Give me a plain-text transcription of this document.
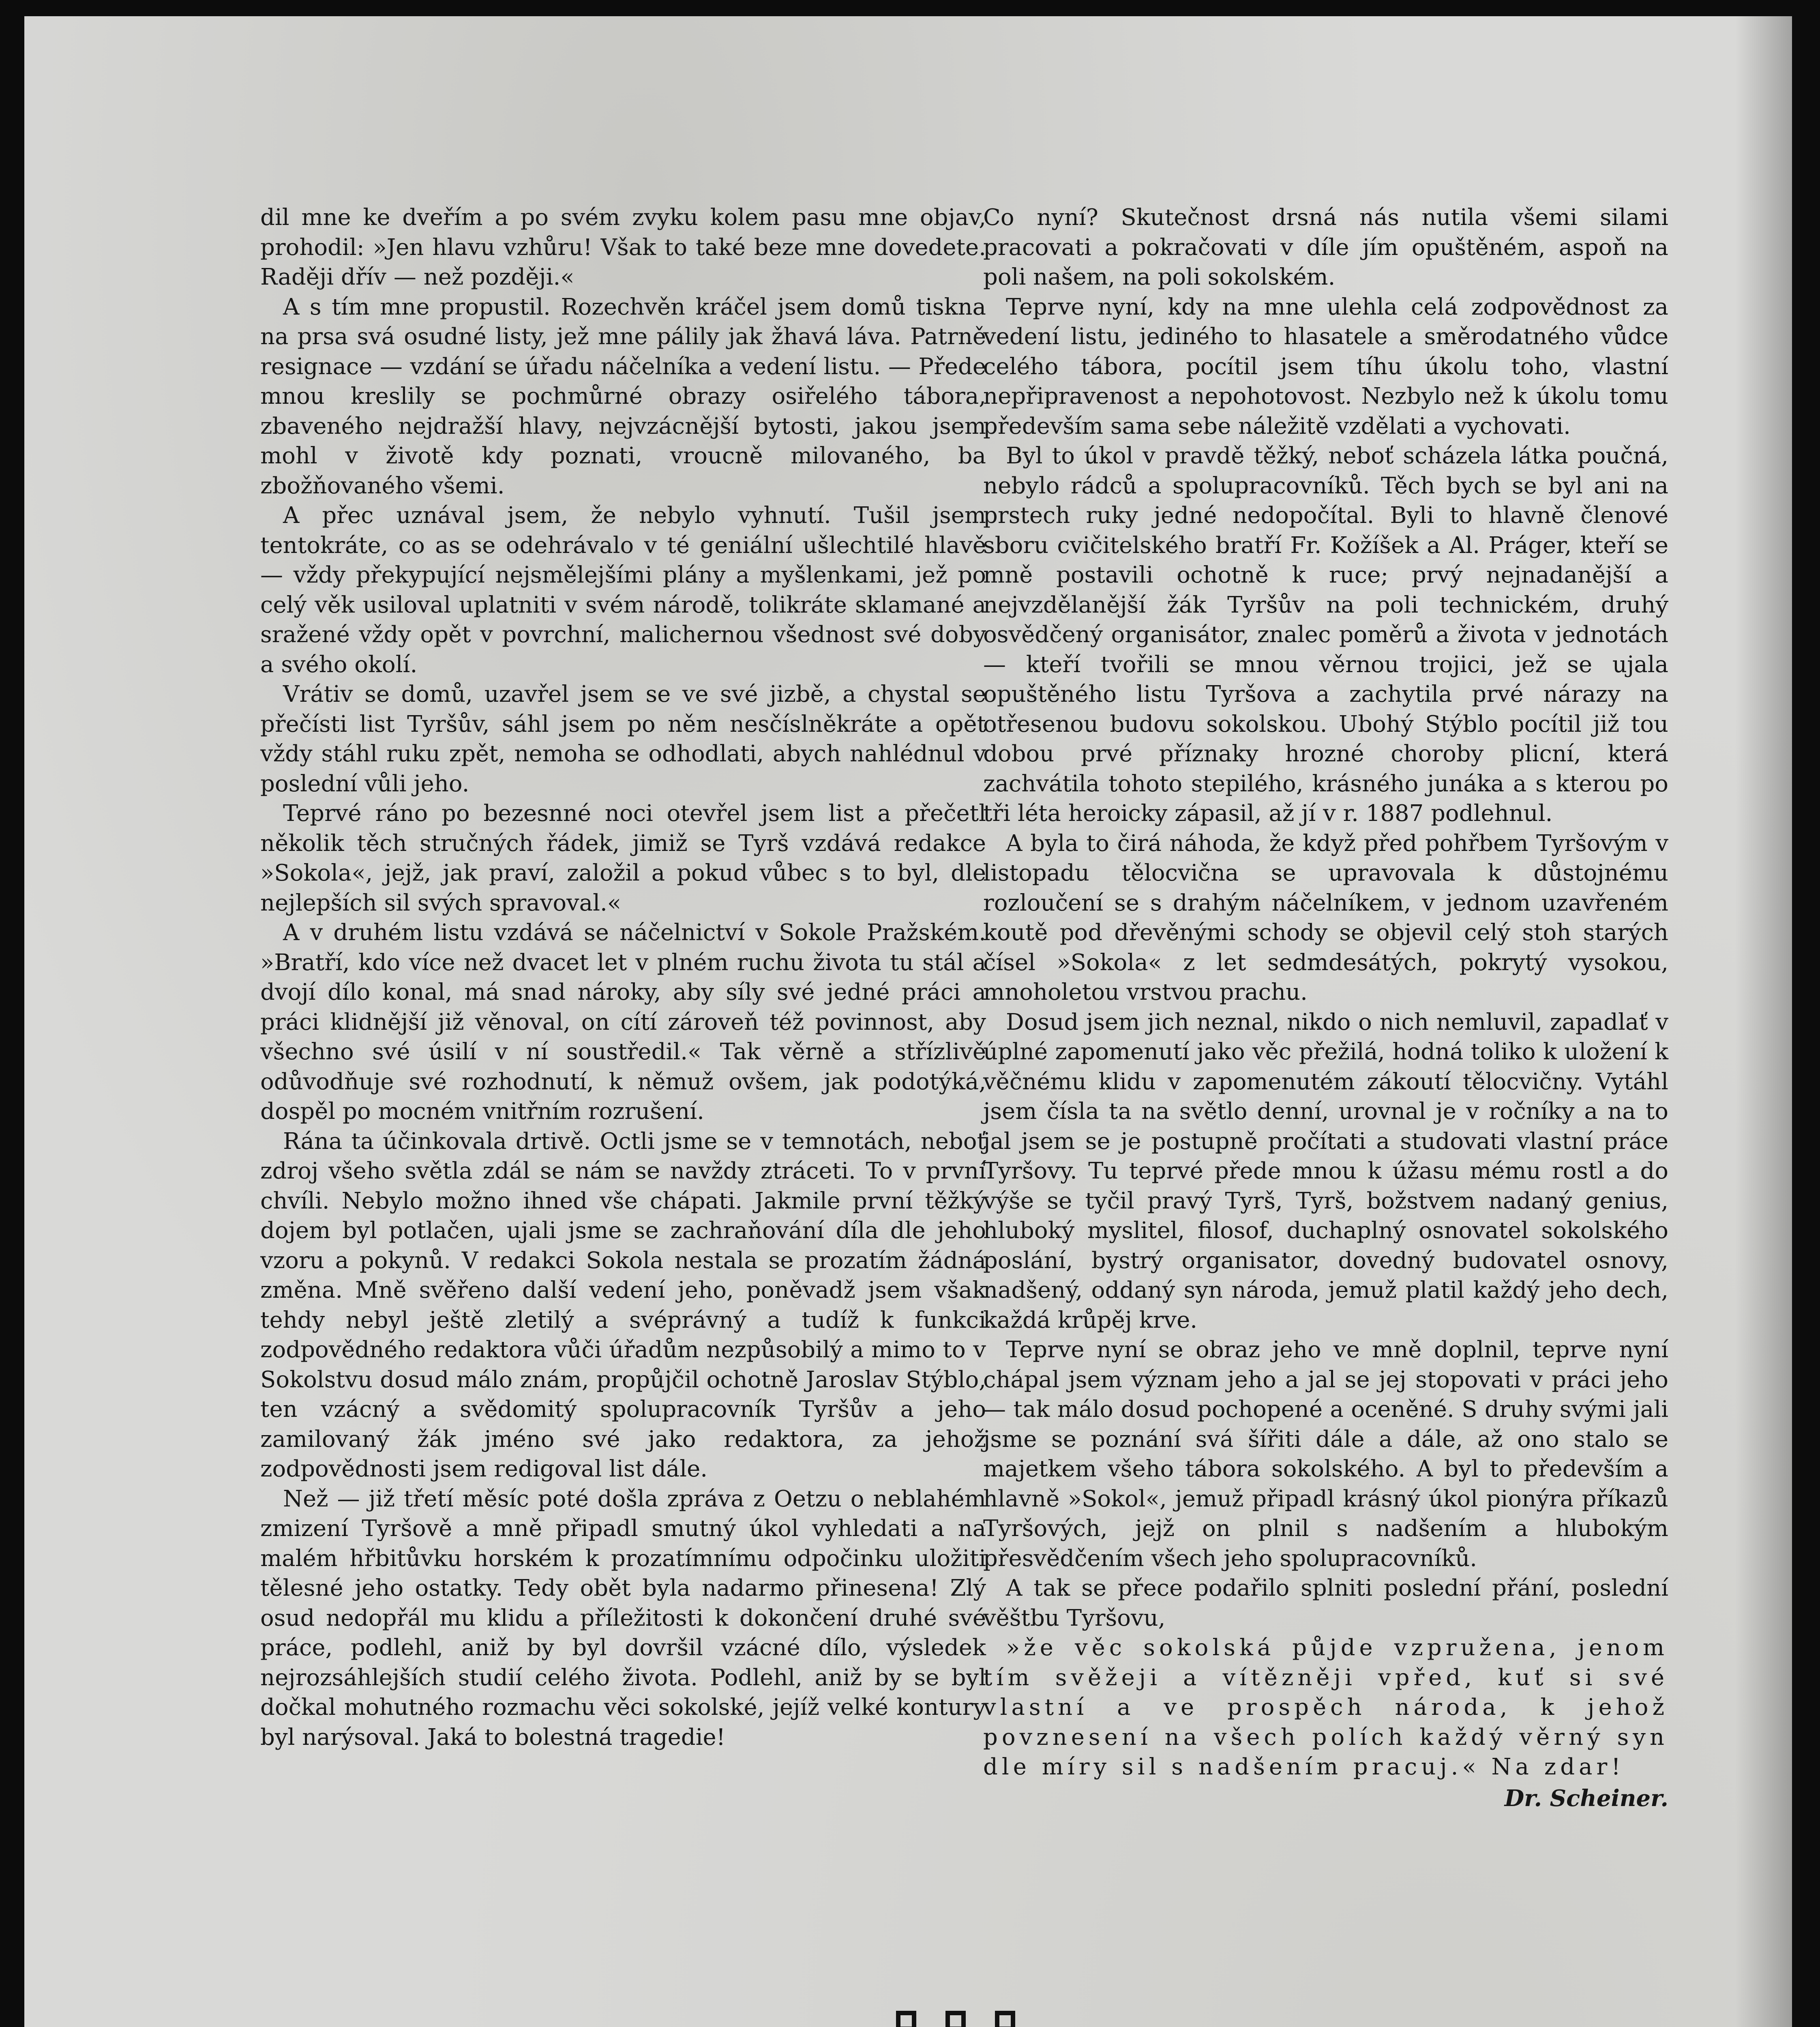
dil mne ke dveřím a po svém zvyku kolem pasu mne objav, prohodil: »Jen hlavu vzhůru! Však to také beze mne dovedete. Raději dřív — než později.«

A s tím mne propustil. Rozechvěn kráčel jsem domů tiskna na prsa svá osudné listy, jež mne pálily jak žhavá láva. Patrně resignace — vzdání se úřadu náčelníka a vedení listu. — Přede mnou kreslily se pochmůrné obrazy osiřelého tábora, zbaveného nejdražší hlavy, nejvzácnější bytosti, jakou jsem mohl v životě kdy poznati, vroucně milovaného, ba zbožňovaného všemi.

A přec uznával jsem, že nebylo vyhnutí. Tušil jsem tentokráte, co as se odehrávalo v té geniální ušlechtilé hlavě — vždy překypující nejsmělejšími plány a myšlenkami, jež po celý věk usiloval uplatniti v svém národě, tolikráte sklamané a sražené vždy opět v povrchní, malichernou všednost své doby a svého okolí.

Vrátiv se domů, uzavřel jsem se ve své jizbě, a chystal se přečísti list Tyršův, sáhl jsem po něm nesčíslněkráte a opět vždy stáhl ruku zpět, nemoha se odhodlati, abych nahlédnul v poslední vůli jeho.

Teprvé ráno po bezesnné noci otevřel jsem list a přečetl několik těch stručných řádek, jimiž se Tyrš vzdává redakce »Sokola«, jejž, jak praví, založil a pokud vůbec s to byl, dle nejlepších sil svých spravoval.«

A v druhém listu vzdává se náčelnictví v Sokole Pražském. »Bratří, kdo více než dvacet let v plném ruchu života tu stál a dvojí dílo konal, má snad nároky, aby síly své jedné práci a práci klidnější již věnoval, on cítí zároveň též povinnost, aby všechno své úsilí v ní soustředil.« Tak věrně a střízlivě odůvodňuje své rozhodnutí, k němuž ovšem, jak podotýká, dospěl po mocném vnitřním rozrušení.

Rána ta účinkovala drtivě. Octli jsme se v temnotách, neboť zdroj všeho světla zdál se nám se navždy ztráceti. To v první chvíli. Nebylo možno ihned vše chápati. Jakmile první těžký dojem byl potlačen, ujali jsme se zachraňování díla dle jeho vzoru a pokynů. V redakci Sokola nestala se prozatím žádná změna. Mně svěřeno další vedení jeho, poněvadž jsem však tehdy nebyl ještě zletilý a svéprávný a tudíž k funkci zodpovědného redaktora vůči úřadům nezpůsobilý a mimo to v Sokolstvu dosud málo znám, propůjčil ochotně Jaroslav Stýblo, ten vzácný a svědomitý spolupracovník Tyršův a jeho zamilovaný žák jméno své jako redaktora, za jehož zodpovědnosti jsem redigoval list dále.

Než — již třetí měsíc poté došla zpráva z Oetzu o neblahém zmizení Tyršově a mně připadl smutný úkol vyhledati a na malém hřbitůvku horském k prozatímnímu odpočinku uložiti tělesné jeho ostatky. Tedy obět byla nadarmo přinesena! Zlý osud nedopřál mu klidu a příležitosti k dokončení druhé své práce, podlehl, aniž by byl dovršil vzácné dílo, výsledek nejrozsáhlejších studií celého života. Podlehl, aniž by se byl dočkal mohutného rozmachu věci sokolské, jejíž velké kontury byl narýsoval. Jaká to bolestná tragedie!

Co nyní? Skutečnost drsná nás nutila všemi silami pracovati a pokračovati v díle jím opuštěném, aspoň na poli našem, na poli sokolském.

Teprve nyní, kdy na mne ulehla celá zodpovědnost za vedení listu, jediného to hlasatele a směrodatného vůdce celého tábora, pocítil jsem tíhu úkolu toho, vlastní nepřipravenost a nepohotovost. Nezbylo než k úkolu tomu především sama sebe náležitě vzdělati a vychovati.

Byl to úkol v pravdě těžký, neboť scházela látka poučná, nebylo rádců a spolupracovníků. Těch bych se byl ani na prstech ruky jedné nedopočítal. Byli to hlavně členové sboru cvičitelského bratří Fr. Kožíšek a Al. Práger, kteří se mně postavili ochotně k ruce; prvý nejnadanější a nejvzdělanější žák Tyršův na poli technickém, druhý osvědčený organisátor, znalec poměrů a života v jednotách — kteří tvořili se mnou věrnou trojici, jež se ujala opuštěného listu Tyršova a zachytila prvé nárazy na otřesenou budovu sokolskou. Ubohý Stýblo pocítil již tou dobou prvé příznaky hrozné choroby plicní, která zachvátila tohoto stepilého, krásného junáka a s kterou po tři léta heroicky zápasil, až jí v r. 1887 podlehnul.

A byla to čirá náhoda, že když před pohřbem Tyršovým v listopadu tělocvična se upravovala k důstojnému rozloučení se s drahým náčelníkem, v jednom uzavřeném koutě pod dřevěnými schody se objevil celý stoh starých čísel »Sokola« z let sedmdesátých, pokrytý vysokou, mnoholetou vrstvou prachu.

Dosud jsem jich neznal, nikdo o nich nemluvil, zapadlať v úplné zapomenutí jako věc přežilá, hodná toliko k uložení k věčnému klidu v zapomenutém zákoutí tělocvičny. Vytáhl jsem čísla ta na světlo denní, urovnal je v ročníky a na to jal jsem se je postupně pročítati a studovati vlastní práce Tyršovy. Tu teprvé přede mnou k úžasu mému rostl a do výše se tyčil pravý Tyrš, Tyrš, božstvem nadaný genius, hluboký myslitel, filosof, duchaplný osnovatel sokolského poslání, bystrý organisator, dovedný budovatel osnovy, nadšený, oddaný syn národa, jemuž platil každý jeho dech, každá krůpěj krve.

Teprve nyní se obraz jeho ve mně doplnil, teprve nyní chápal jsem význam jeho a jal se jej stopovati v práci jeho — tak málo dosud pochopené a oceněné. S druhy svými jali jsme se poznání svá šířiti dále a dále, až ono stalo se majetkem všeho tábora sokolského. A byl to především a hlavně »Sokol«, jemuž připadl krásný úkol pionýra příkazů Tyršových, jejž on plnil s nadšením a hlubokým přesvědčením všech jeho spolupracovníků.

A tak se přece podařilo splniti poslední přání, poslední věštbu Tyršovu,

»že věc sokolská půjde vzpružena, jenom tím svěžeji a vítězněji vpřed, kuť si své vlastní a ve prospěch národa, k jehož povznesení na všech polích každý věrný syn dle míry sil s nadšením pracuj.« Na zdar!

Dr. Scheiner.
